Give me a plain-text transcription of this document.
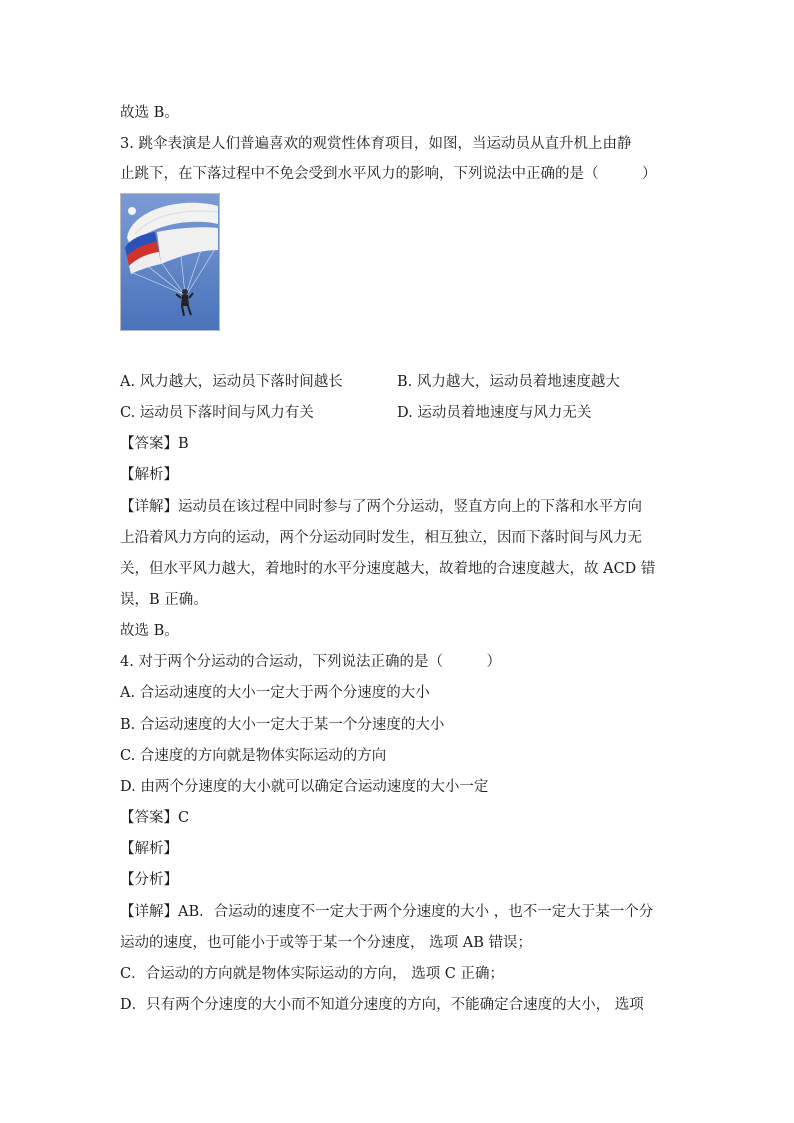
故选 B。
3. 跳伞表演是人们普遍喜欢的观赏性体育项目，如图，当运动员从直升机上由静
止跳下，在下落过程中不免会受到水平风力的影响，下列说法中正确的是（　　　）
A. 风力越大，运动员下落时间越长	B. 风力越大，运动员着地速度越大
C. 运动员下落时间与风力有关	D. 运动员着地速度与风力无关
【答案】B
【解析】
【详解】运动员在该过程中同时参与了两个分运动，竖直方向上的下落和水平方向
上沿着风力方向的运动，两个分运动同时发生，相互独立，因而下落时间与风力无
关，但水平风力越大，着地时的水平分速度越大，故着地的合速度越大，故 ACD 错
误，B 正确。
故选 B。
4. 对于两个分运动的合运动，下列说法正确的是（　　　）
A. 合运动速度的大小一定大于两个分速度的大小
B. 合运动速度的大小一定大于某一个分速度的大小
C. 合速度的方向就是物体实际运动的方向
D. 由两个分速度的大小就可以确定合运动速度的大小一定
【答案】C
【解析】
【分析】
【详解】AB．合运动的速度不一定大于两个分速度的大小 ，也不一定大于某一个分
运动的速度，也可能小于或等于某一个分速度， 选项 AB 错误；
C．合运动的方向就是物体实际运动的方向， 选项 C 正确；
D．只有两个分速度的大小而不知道分速度的方向，不能确定合速度的大小， 选项
